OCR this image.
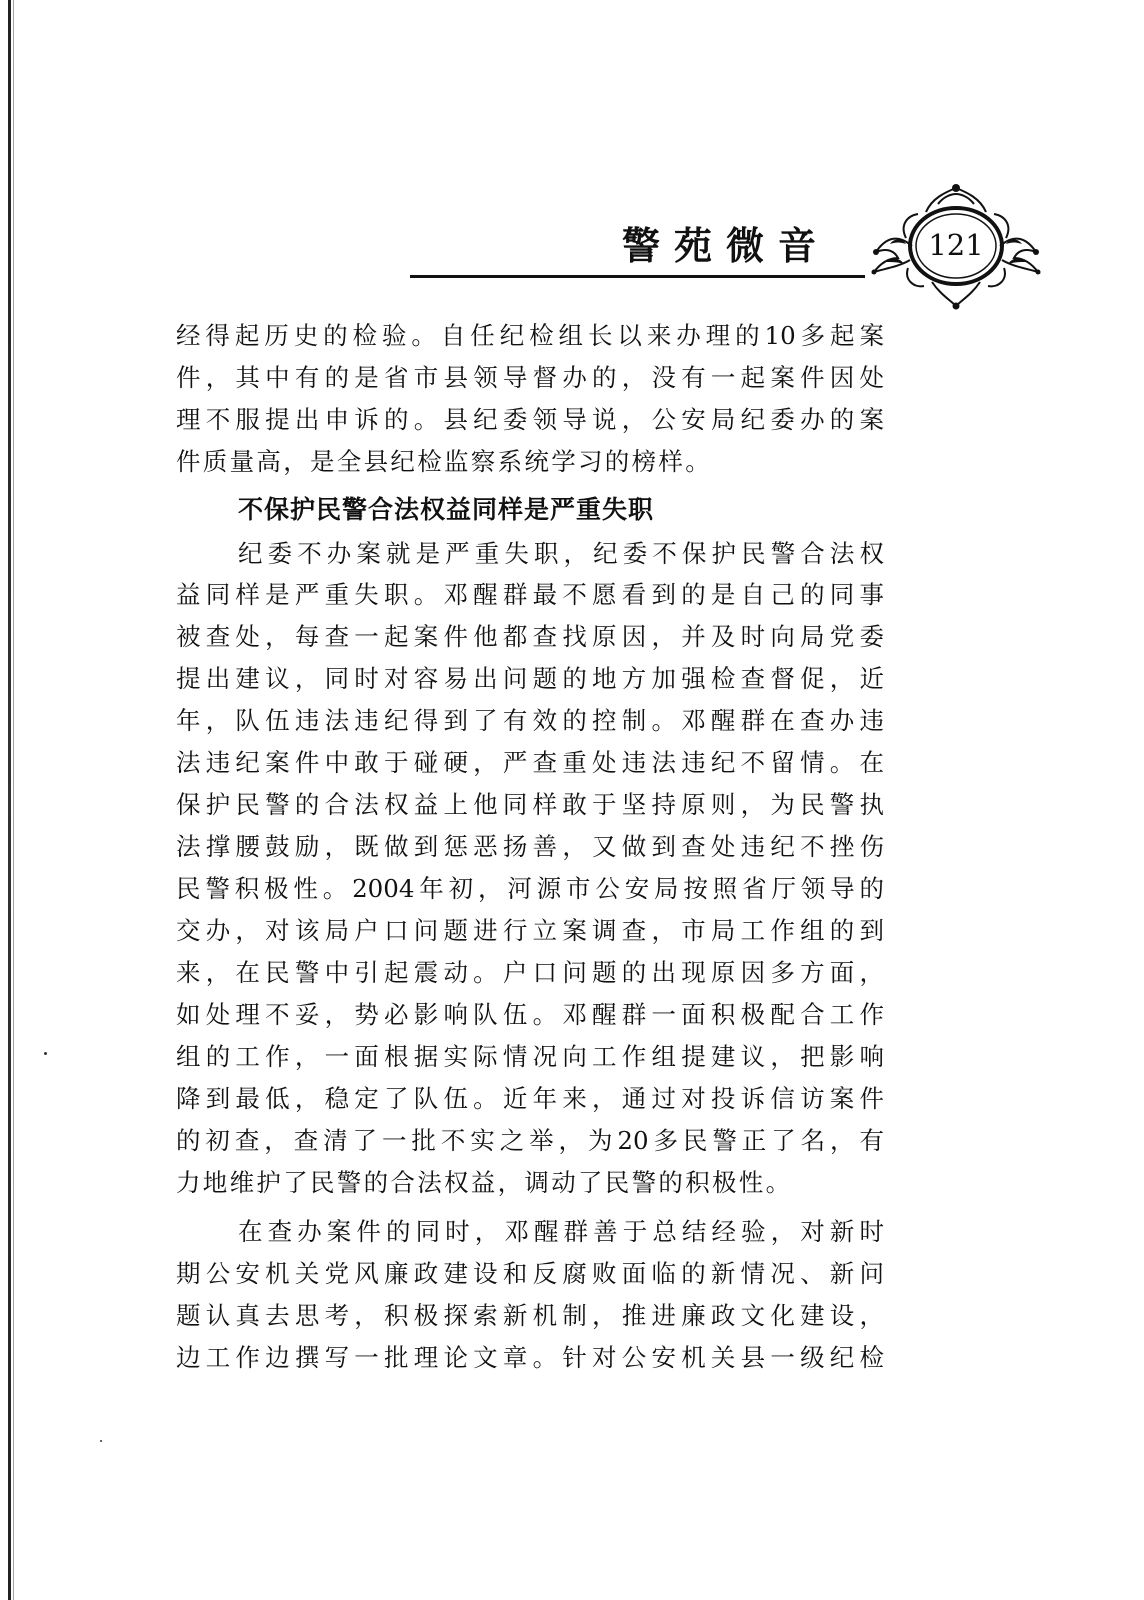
警苑微音	121
经得起历史的检验。自任纪检组长以来办理的10多起案
件，其中有的是省市县领导督办的，没有一起案件因处
理不服提出申诉的。县纪委领导说，公安局纪委办的案
件质量高，是全县纪检监察系统学习的榜样。
不保护民警合法权益同样是严重失职
纪委不办案就是严重失职，纪委不保护民警合法权
益同样是严重失职。邓醒群最不愿看到的是自己的同事
被查处，每查一起案件他都查找原因，并及时向局党委
提出建议，同时对容易出问题的地方加强检查督促，近
年，队伍违法违纪得到了有效的控制。邓醒群在查办违
法违纪案件中敢于碰硬，严查重处违法违纪不留情。在
保护民警的合法权益上他同样敢于坚持原则，为民警执
法撑腰鼓励，既做到惩恶扬善，又做到查处违纪不挫伤
民警积极性。2004年初，河源市公安局按照省厅领导的
交办，对该局户口问题进行立案调查，市局工作组的到
来，在民警中引起震动。户口问题的出现原因多方面，
如处理不妥，势必影响队伍。邓醒群一面积极配合工作
组的工作，一面根据实际情况向工作组提建议，把影响
降到最低，稳定了队伍。近年来，通过对投诉信访案件
的初查，查清了一批不实之举，为20多民警正了名，有
力地维护了民警的合法权益，调动了民警的积极性。
在查办案件的同时，邓醒群善于总结经验，对新时
期公安机关党风廉政建设和反腐败面临的新情况、新问
题认真去思考，积极探索新机制，推进廉政文化建设，
边工作边撰写一批理论文章。针对公安机关县一级纪检
